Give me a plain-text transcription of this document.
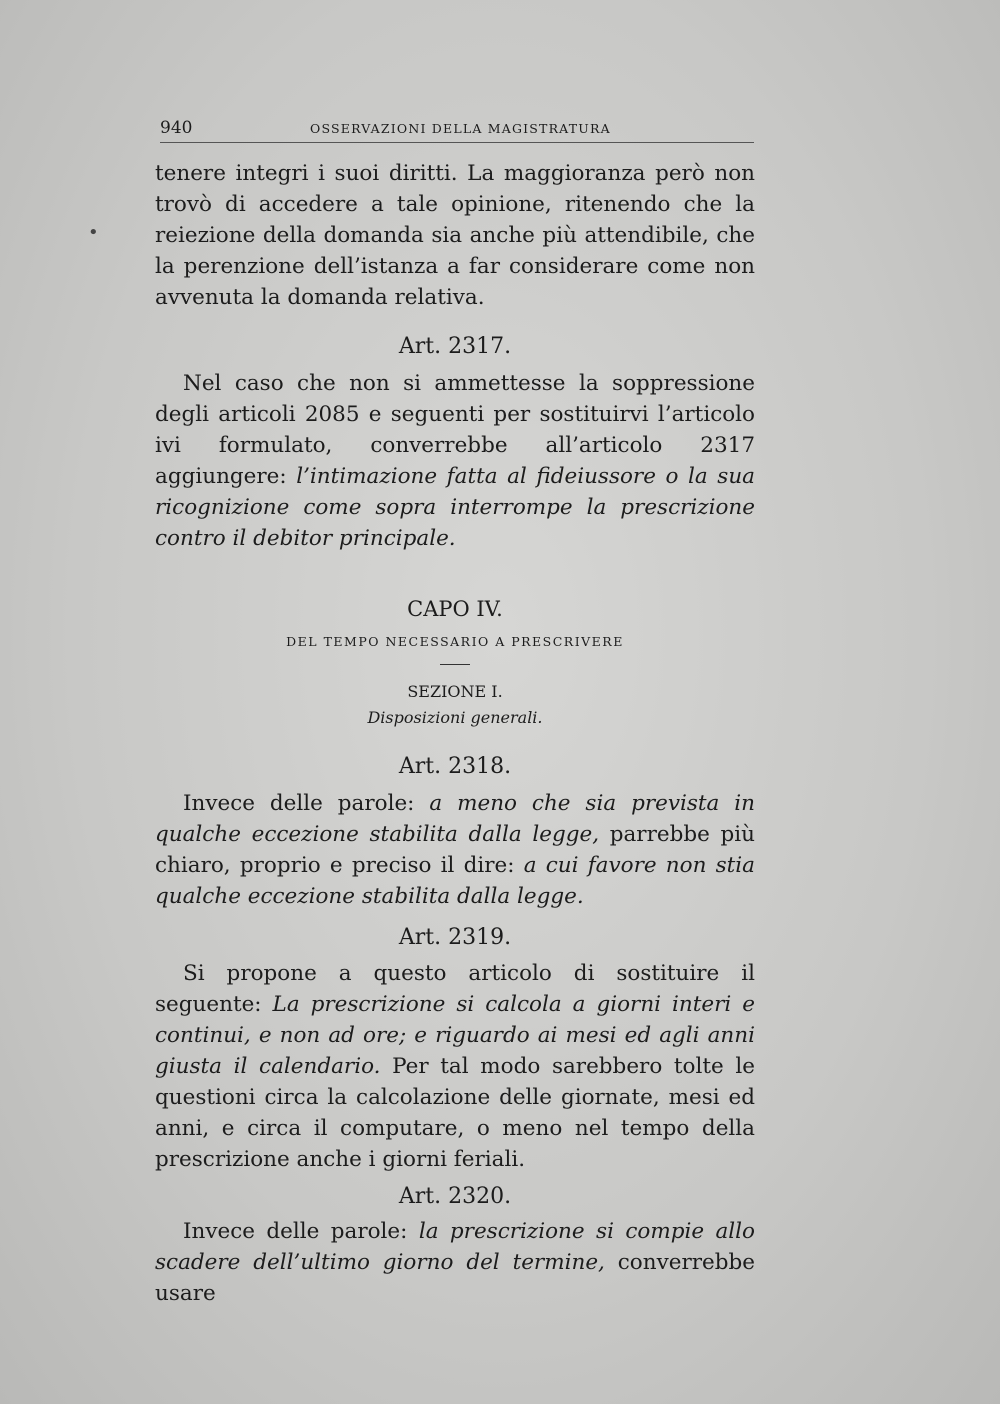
940	OSSERVAZIONI DELLA MAGISTRATURA
•

tenere integri i suoi diritti. La maggioranza però non trovò di accedere a tale opinione, ritenendo che la reiezione della domanda sia anche più attendibile, che la perenzione dell’istanza a far considerare come non avvenuta la domanda relativa.

Art. 2317.

Nel caso che non si ammettesse la soppressione degli articoli 2085 e seguenti per sostituirvi l’articolo ivi formulato, converrebbe all’articolo 2317 aggiungere: l’intimazione fatta al fideiussore o la sua ricognizione come sopra interrompe la prescrizione contro il debitor principale.

CAPO IV.

DEL TEMPO NECESSARIO A PRESCRIVERE

SEZIONE I.

Disposizioni generali.

Art. 2318.

Invece delle parole: a meno che sia prevista in qualche eccezione stabilita dalla legge, parrebbe più chiaro, proprio e preciso il dire: a cui favore non stia qualche eccezione stabilita dalla legge.

Art. 2319.

Si propone a questo articolo di sostituire il seguente: La prescrizione si calcola a giorni interi e continui, e non ad ore; e riguardo ai mesi ed agli anni giusta il calendario. Per tal modo sarebbero tolte le questioni circa la calcolazione delle giornate, mesi ed anni, e circa il computare, o meno nel tempo della prescrizione anche i giorni feriali.

Art. 2320.

Invece delle parole: la prescrizione si compie allo scadere dell’ultimo giorno del termine, converrebbe usare
